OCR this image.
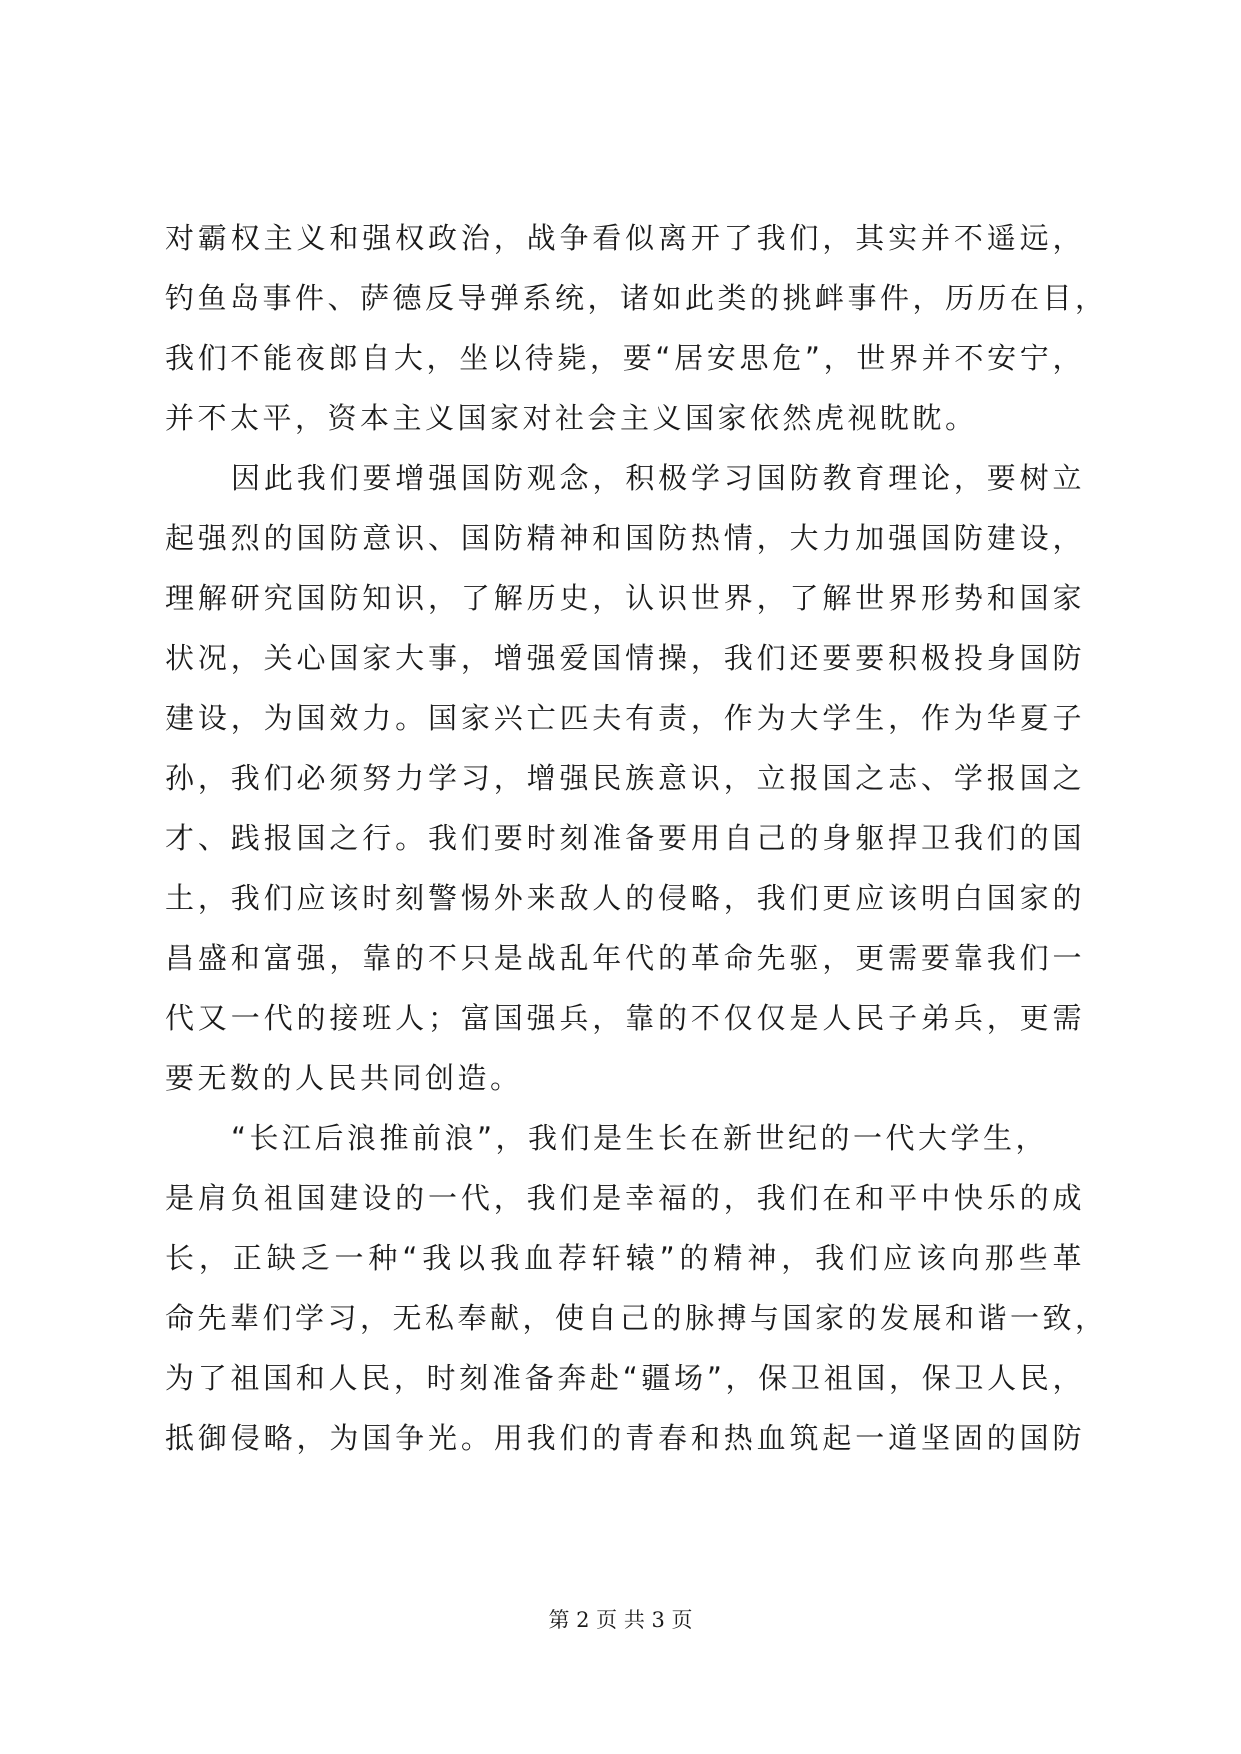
对霸权主义和强权政治，战争看似离开了我们，其实并不遥远，
钓鱼岛事件、萨德反导弹系统，诸如此类的挑衅事件，历历在目，
我们不能夜郎自大，坐以待毙，要“居安思危”，世界并不安宁，
并不太平，资本主义国家对社会主义国家依然虎视眈眈。
因此我们要增强国防观念，积极学习国防教育理论，要树立
起强烈的国防意识、国防精神和国防热情，大力加强国防建设，
理解研究国防知识，了解历史，认识世界，了解世界形势和国家
状况，关心国家大事，增强爱国情操，我们还要要积极投身国防
建设，为国效力。国家兴亡匹夫有责，作为大学生，作为华夏子
孙，我们必须努力学习，增强民族意识，立报国之志、学报国之
才、践报国之行。我们要时刻准备要用自己的身躯捍卫我们的国
土，我们应该时刻警惕外来敌人的侵略，我们更应该明白国家的
昌盛和富强，靠的不只是战乱年代的革命先驱，更需要靠我们一
代又一代的接班人；富国强兵，靠的不仅仅是人民子弟兵，更需
要无数的人民共同创造。
“长江后浪推前浪”，我们是生长在新世纪的一代大学生，
是肩负祖国建设的一代，我们是幸福的，我们在和平中快乐的成
长，正缺乏一种“我以我血荐轩辕”的精神，我们应该向那些革
命先辈们学习，无私奉献，使自己的脉搏与国家的发展和谐一致，
为了祖国和人民，时刻准备奔赴“疆场”，保卫祖国，保卫人民，
抵御侵略，为国争光。用我们的青春和热血筑起一道坚固的国防
第 2 页 共 3 页
